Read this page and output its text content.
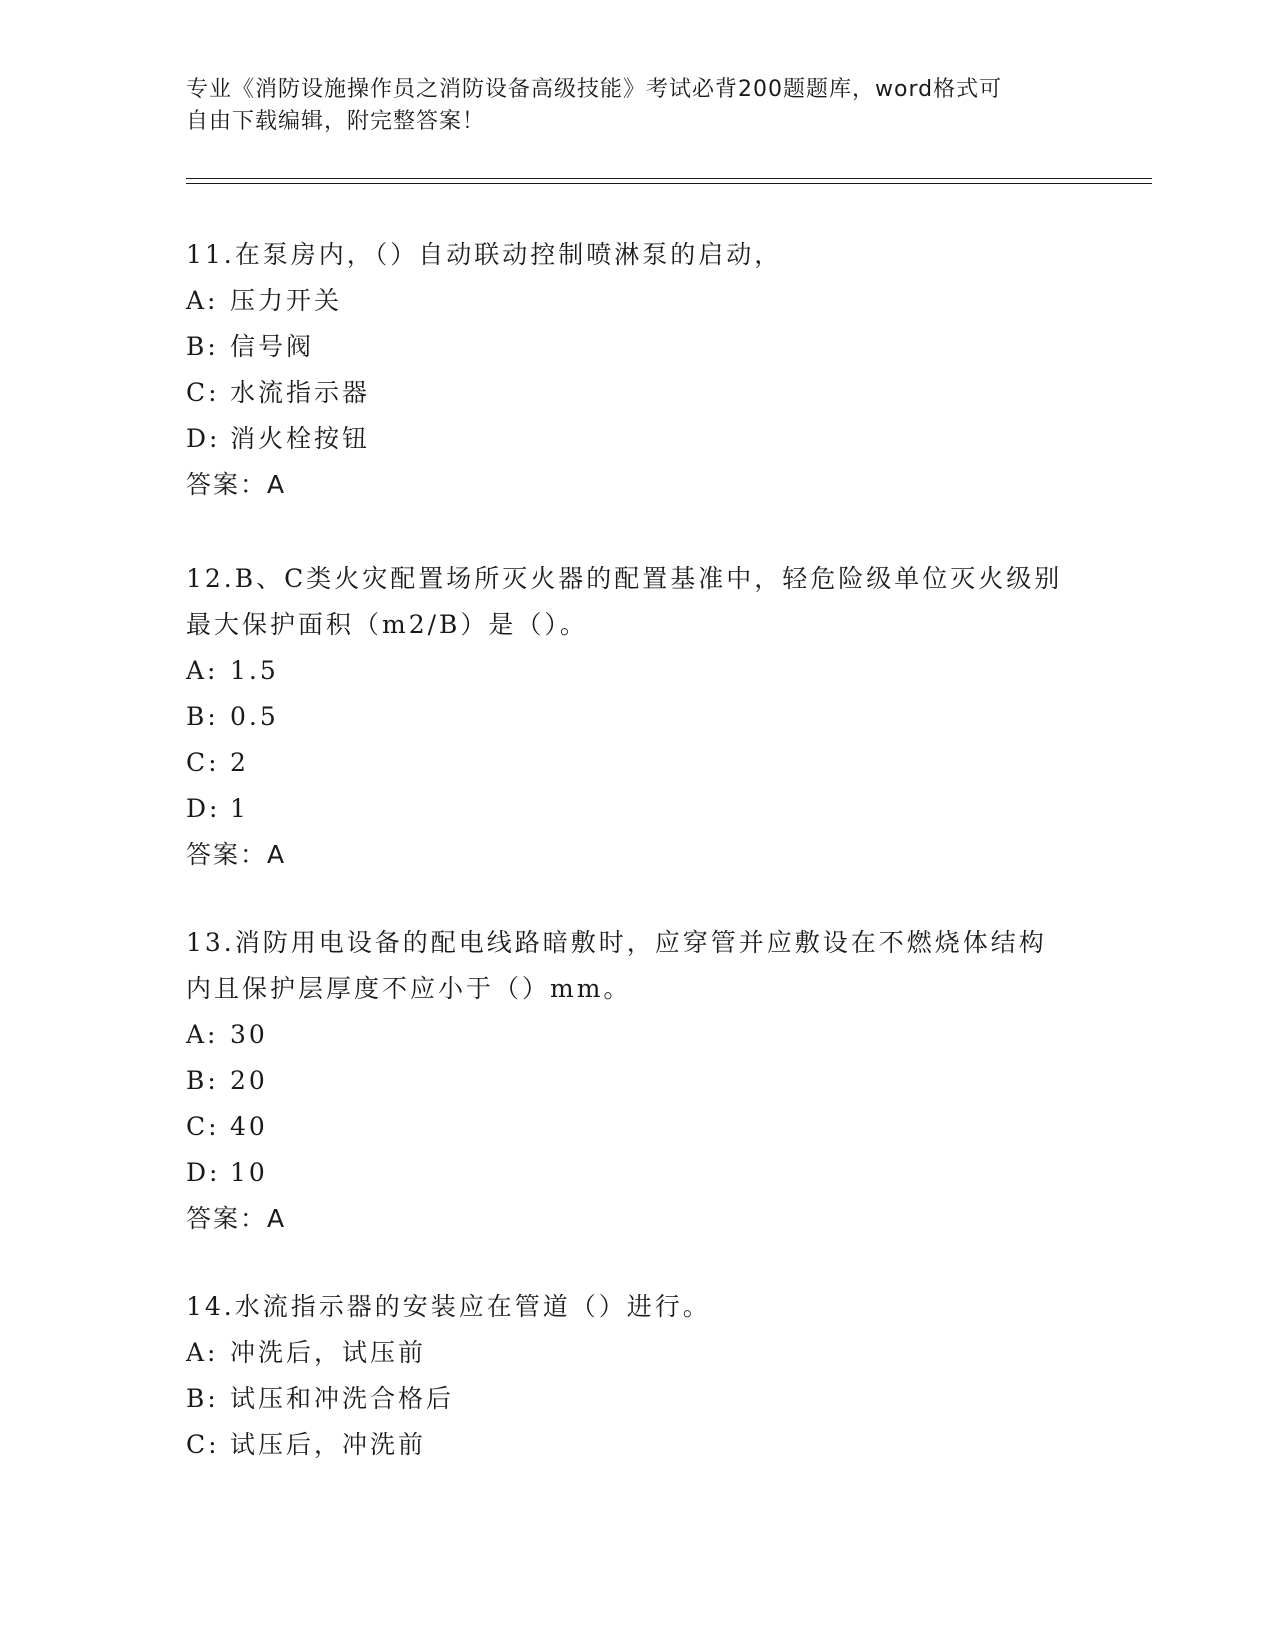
专业《消防设施操作员之消防设备高级技能》考试必背200题题库，word格式可
自由下载编辑，附完整答案！
11.在泵房内，（）自动联动控制喷淋泵的启动，
A: 压力开关
B: 信号阀
C: 水流指示器
D: 消火栓按钮
答案：A
12.B、C类火灾配置场所灭火器的配置基准中，轻危险级单位灭火级别
最大保护面积（m2/B）是（）。
A: 1.5
B: 0.5
C: 2
D: 1
答案：A
13.消防用电设备的配电线路暗敷时，应穿管并应敷设在不燃烧体结构
内且保护层厚度不应小于（）mm。
A: 30
B: 20
C: 40
D: 10
答案：A
14.水流指示器的安装应在管道（）进行。
A: 冲洗后，试压前
B: 试压和冲洗合格后
C: 试压后，冲洗前
